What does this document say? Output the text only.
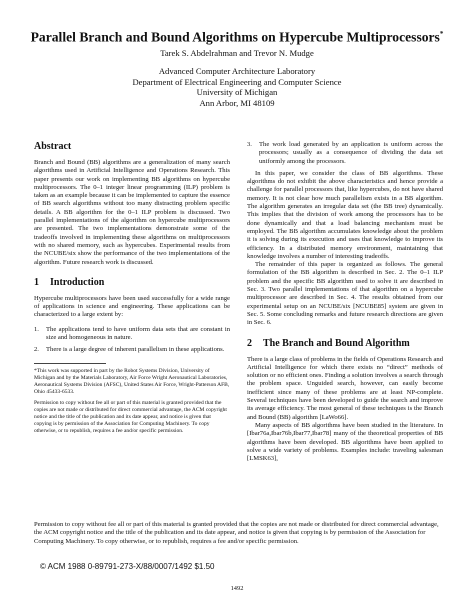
Parallel Branch and Bound Algorithms on Hypercube Multiprocessors*
Tarek S. Abdelrahman and Trevor N. Mudge
Advanced Computer Architecture Laboratory
Department of Electrical Engineering and Computer Science
University of Michigan
Ann Arbor, MI 48109
Abstract

Branch and Bound (BB) algorithms are a generalization of many search algorithms used in Artificial Intelligence and Operations Research. This paper presents our work on implementing BB algorithms on hypercube multiprocessors. The 0–1 integer linear programming (ILP) problem is taken as an example because it can be implemented to capture the essence of BB search algorithms without too many distracting problem specific details. A BB algorithm for the 0–1 ILP problem is discussed. Two parallel implementations of the algorithm on hypercube multiprocessors are presented. The two implementations demonstrate some of the tradeoffs involved in implementing these algorithms on multiprocessors with no shared memory, such as hypercubes. Experimental results from the NCUBE/six show the performance of the two implementations of the algorithm. Future research work is discussed.

1 Introduction

Hypercube multiprocessors have been used successfully for a wide range of applications in science and engineering. These applications can be characterized to a large extent by:

1. The applications tend to have uniform data sets that are constant in size and homogeneous in nature.
2. There is a large degree of inherent parallelism in these applications.

*This work was supported in part by the Robot Systems Division, University of Michigan and by the Materials Laboratory, Air Force Wright Aeronautical Laboratories, Aeronautical Systems Division (AFSC), United States Air Force, Wright-Patterson AFB, Ohio 45433-6533.

Permission to copy without fee all or part of this material is granted provided that the copies are not made or distributed for direct commercial advantage, the ACM copyright notice and the title of the publication and its date appear, and notice is given that copying is by permission of the Association for Computing Machinery. To copy otherwise, or to republish, requires a fee and/or specific permission.

3. The work load generated by an application is uniform across the processors; usually as a consequence of dividing the data set uniformly among the processors.

In this paper, we consider the class of BB algorithms. These algorithms do not exhibit the above characteristics and hence provide a challenge for parallel processors that, like hypercubes, do not have shared memory. It is not clear how much parallelism exists in a BB algorithm. The algorithm generates an irregular data set (the BB tree) dynamically. This implies that the division of work among the processors has to be done dynamically and that a load balancing mechanism must be employed. The BB algorithm accumulates knowledge about the problem it is solving during its execution and uses that knowledge to improve its efficiency. In a distributed memory environment, maintaining that knowledge involves a number of interesting tradeoffs.

The remainder of this paper is organized as follows. The general formulation of the BB algorithm is described in Sec. 2. The 0–1 ILP problem and the specific BB algorithm used to solve it are described in Sec. 3. Two parallel implementations of that algorithm on a hypercube multiprocessor are described in Sec. 4. The results obtained from our experimental setup on an NCUBE/six [NCUBE85] system are given in Sec. 5. Some concluding remarks and future research directions are given in Sec. 6.

2 The Branch and Bound Algorithm

There is a large class of problems in the fields of Operations Research and Artificial Intelligence for which there exists no “direct” methods of solution or no efficient ones. Finding a solution involves a search through the problem space. Unguided search, however, can easily become inefficient since many of these problems are at least NP-complete. Several techniques have been developed to guide the search and improve its average efficiency. The most general of these techniques is the Branch and Bound (BB) algorithm [LaWo66].

Many aspects of BB algorithms have been studied in the literature. In [Ibar76a,Ibar76b,Ibar77,Ibar78] many of the theoretical properties of BB algorithms have been developed. BB algorithms have been applied to solve a wide variety of problems. Examples include: traveling salesman [LMSK63],

Permission to copy without fee all or part of this material is granted provided that the copies are not made or distributed for direct commercial advantage, the ACM copyright notice and the title of the publication and its date appear, and notice is given that copying is by permission of the Association for Computing Machinery. To copy otherwise, or to republish, requires a fee and/or specific permission.
© ACM 1988 0-89791-273-X/88/0007/1492 $1.50
1492
